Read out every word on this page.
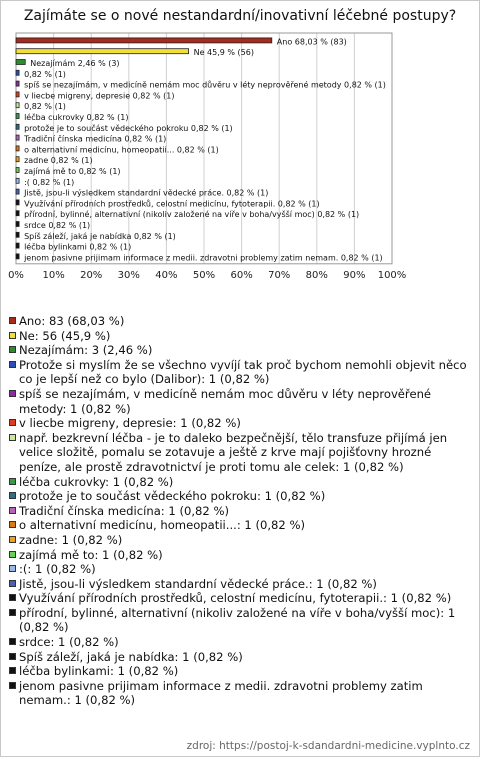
Zajímáte se o nové nestandardní/inovativní léčebné postupy?
0% 10% 20% 30% 40% 50% 60% 70% 80% 90% 100%
Ano 68,03 % (83)
Ne 45,9 % (56)
Nezajímám 2,46 % (3)
0,82 % (1)
spíš se nezajímám, v medicíně nemám moc důvěru v léty neprověřené metody 0,82 % (1)
v liecbe migreny, depresie 0,82 % (1)
0,82 % (1)
léčba cukrovky 0,82 % (1)
protože je to součást vědeckého pokroku 0,82 % (1)
Tradiční čínska medicína 0,82 % (1)
o alternativní medicínu, homeopatii... 0,82 % (1)
zadne 0,82 % (1)
zajímá mě to 0,82 % (1)
:( 0,82 % (1)
Jistě, jsou-li výsledkem standardní vědecké práce. 0,82 % (1)
Využívání přírodních prostředků, celostní medicínu, fytoterapii. 0,82 % (1)
přírodní, bylinné, alternativní (nikoliv založené na víře v boha/vyšší moc) 0,82 % (1)
srdce 0,82 % (1)
Spíš záleží, jaká je nabídka 0,82 % (1)
léčba bylinkami 0,82 % (1)
jenom pasivne prijimam informace z medii. zdravotni problemy zatim nemam. 0,82 % (1)
Ano: 83 (68,03 %)
Ne: 56 (45,9 %)
Nezajímám: 3 (2,46 %)
Protože si myslím že se všechno vyvíjí tak proč bychom nemohli objevit něco co je lepší než co bylo (Dalibor): 1 (0,82 %)
spíš se nezajímám, v medicíně nemám moc důvěru v léty neprověřené metody: 1 (0,82 %)
v liecbe migreny, depresie: 1 (0,82 %)
např. bezkrevní léčba - je to daleko bezpečnější, tělo transfuze přijímá jen velice složitě, pomalu se zotavuje a ještě z krve mají pojišťovny hrozné peníze, ale prostě zdravotnictví je proti tomu ale celek: 1 (0,82 %)
léčba cukrovky: 1 (0,82 %)
protože je to součást vědeckého pokroku: 1 (0,82 %)
Tradiční čínska medicína: 1 (0,82 %)
o alternativní medicínu, homeopatii...: 1 (0,82 %)
zadne: 1 (0,82 %)
zajímá mě to: 1 (0,82 %)
:(: 1 (0,82 %)
Jistě, jsou-li výsledkem standardní vědecké práce.: 1 (0,82 %)
Využívání přírodních prostředků, celostní medicínu, fytoterapii.: 1 (0,82 %)
přírodní, bylinné, alternativní (nikoliv založené na víře v boha/vyšší moc): 1 (0,82 %)
srdce: 1 (0,82 %)
Spíš záleží, jaká je nabídka: 1 (0,82 %)
léčba bylinkami: 1 (0,82 %)
jenom pasivne prijimam informace z medii. zdravotni problemy zatim nemam.: 1 (0,82 %)
zdroj: https://postoj-k-sdandardni-medicine.vyplnto.cz
